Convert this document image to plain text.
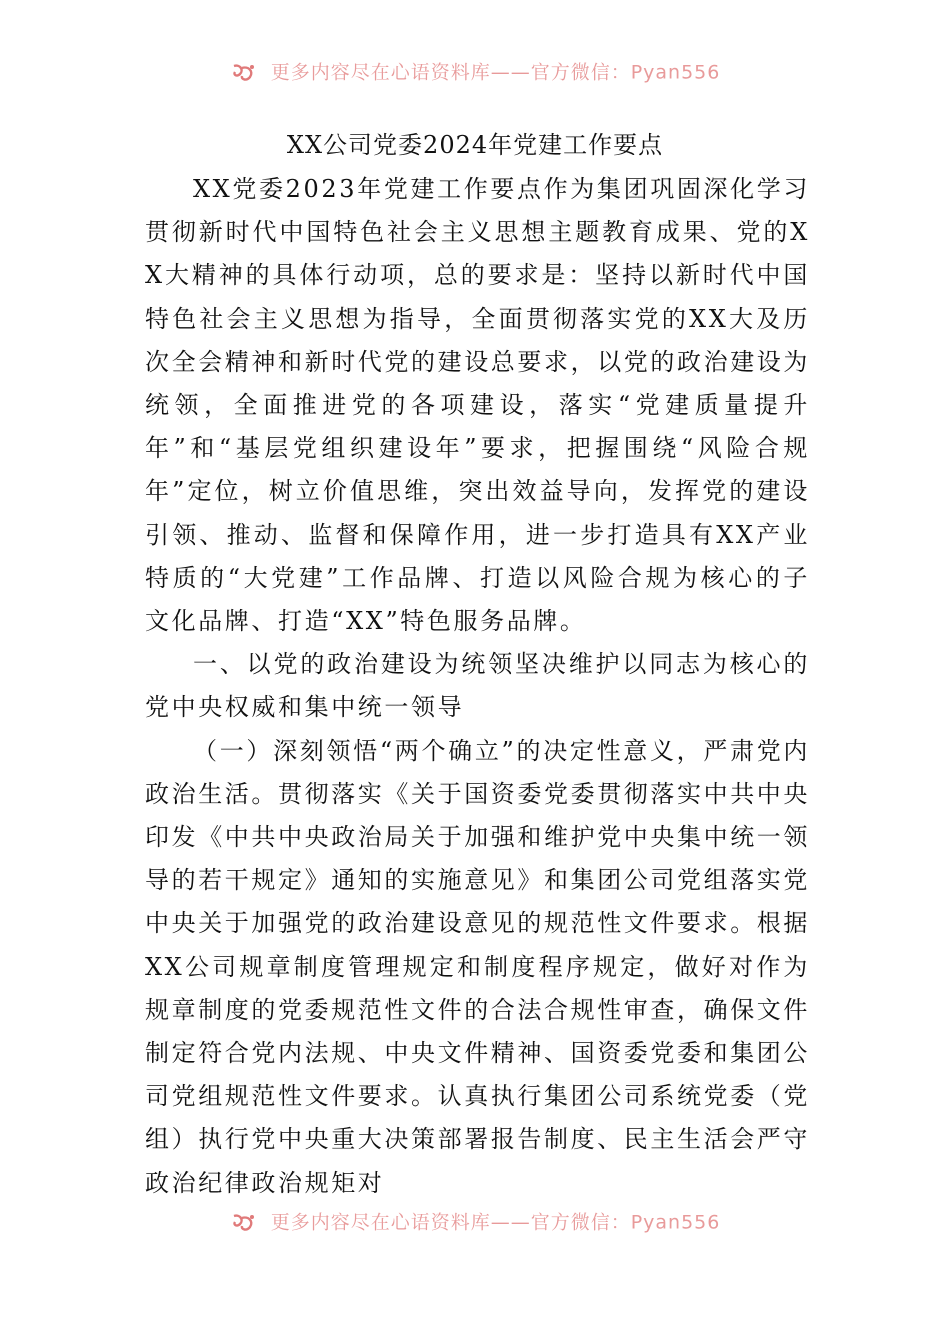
更多内容尽在心语资料库——官方微信：Pyan556
XX公司党委2024年党建工作要点

XX党委2023年党建工作要点作为集团巩固深化学习贯彻新时代中国特色社会主义思想主题教育成果、党的XX大精神的具体行动项，总的要求是：坚持以新时代中国特色社会主义思想为指导，全面贯彻落实党的XX大及历次全会精神和新时代党的建设总要求，以党的政治建设为统领，全面推进党的各项建设，落实“党建质量提升年”和“基层党组织建设年”要求，把握围绕“风险合规年”定位，树立价值思维，突出效益导向，发挥党的建设引领、推动、监督和保障作用，进一步打造具有XX产业特质的“大党建”工作品牌、打造以风险合规为核心的子文化品牌、打造“XX”特色服务品牌。

一、以党的政治建设为统领坚决维护以同志为核心的党中央权威和集中统一领导

（一）深刻领悟“两个确立”的决定性意义，严肃党内政治生活。贯彻落实《关于国资委党委贯彻落实中共中央印发《中共中央政治局关于加强和维护党中央集中统一领导的若干规定》通知的实施意见》和集团公司党组落实党中央关于加强党的政治建设意见的规范性文件要求。根据XX公司规章制度管理规定和制度程序规定，做好对作为规章制度的党委规范性文件的合法合规性审查，确保文件制定符合党内法规、中央文件精神、国资委党委和集团公司党组规范性文件要求。认真执行集团公司系统党委（党组）执行党中央重大决策部署报告制度、民主生活会严守政治纪律政治规矩对

更多内容尽在心语资料库——官方微信：Pyan556
